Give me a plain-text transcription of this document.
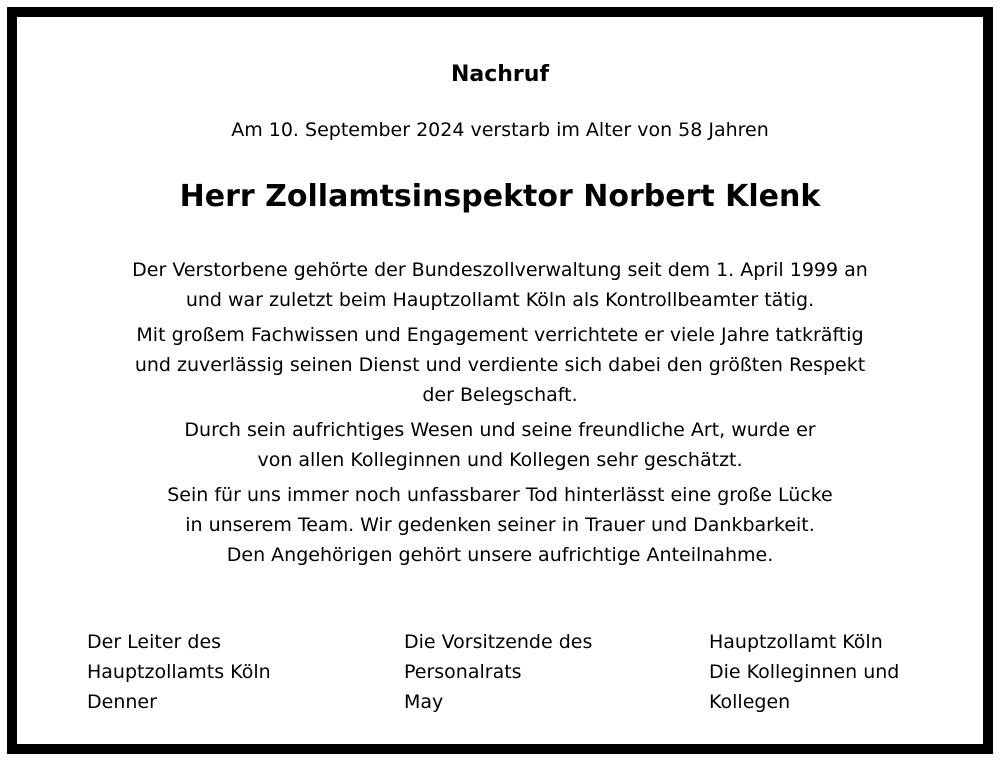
Nachruf
Am 10. September 2024 verstarb im Alter von 58 Jahren
Herr Zollamtsinspektor Norbert Klenk

Der Verstorbene gehörte der Bundeszollverwaltung seit dem 1. April 1999 an
und war zuletzt beim Hauptzollamt Köln als Kontrollbeamter tätig.

Mit großem Fachwissen und Engagement verrichtete er viele Jahre tatkräftig
und zuverlässig seinen Dienst und verdiente sich dabei den größten Respekt
der Belegschaft.

Durch sein aufrichtiges Wesen und seine freundliche Art, wurde er
von allen Kolleginnen und Kollegen sehr geschätzt.

Sein für uns immer noch unfassbarer Tod hinterlässt eine große Lücke
in unserem Team. Wir gedenken seiner in Trauer und Dankbarkeit.
Den Angehörigen gehört unsere aufrichtige Anteilnahme.

Der Leiter des
Hauptzollamts Köln
Denner
Die Vorsitzende des
Personalrats
May
Hauptzollamt Köln
Die Kolleginnen und
Kollegen
